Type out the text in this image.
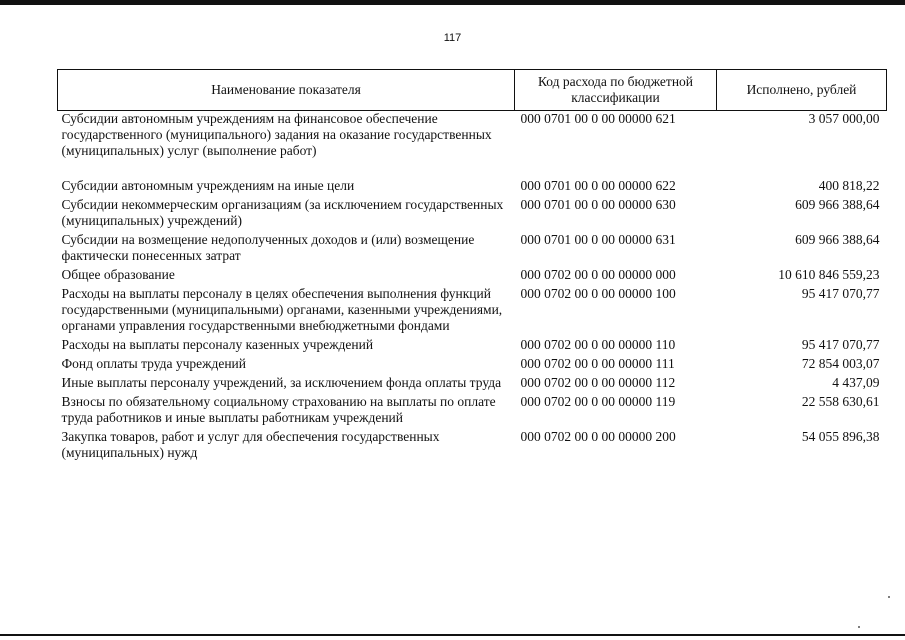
117
Наименование показателя	Код расхода по бюджетной классификации	Исполнено, рублей
Субсидии автономным учреждениям на финансовое обеспечение государственного (муниципального) задания на оказание государственных (муниципальных) услуг (выполнение работ)	000 0701 00 0 00 00000 621	3 057 000,00

Субсидии автономным учреждениям на иные цели	000 0701 00 0 00 00000 622	400 818,22
Субсидии некоммерческим организациям (за исключением государственных (муниципальных) учреждений)	000 0701 00 0 00 00000 630	609 966 388,64
Субсидии на возмещение недополученных доходов и (или) возмещение фактически понесенных затрат	000 0701 00 0 00 00000 631	609 966 388,64
Общее образование	000 0702 00 0 00 00000 000	10 610 846 559,23
Расходы на выплаты персоналу в целях обеспечения выполнения функций государственными (муниципальными) органами, казенными учреждениями, органами управления государственными внебюджетными фондами	000 0702 00 0 00 00000 100	95 417 070,77
Расходы на выплаты персоналу казенных учреждений	000 0702 00 0 00 00000 110	95 417 070,77
Фонд оплаты труда учреждений	000 0702 00 0 00 00000 111	72 854 003,07
Иные выплаты персоналу учреждений, за исключением фонда оплаты труда	000 0702 00 0 00 00000 112	4 437,09
Взносы по обязательному социальному страхованию на выплаты по оплате труда работников и иные выплаты работникам учреждений	000 0702 00 0 00 00000 119	22 558 630,61
Закупка товаров, работ и услуг для обеспечения государственных (муниципальных) нужд	000 0702 00 0 00 00000 200	54 055 896,38
